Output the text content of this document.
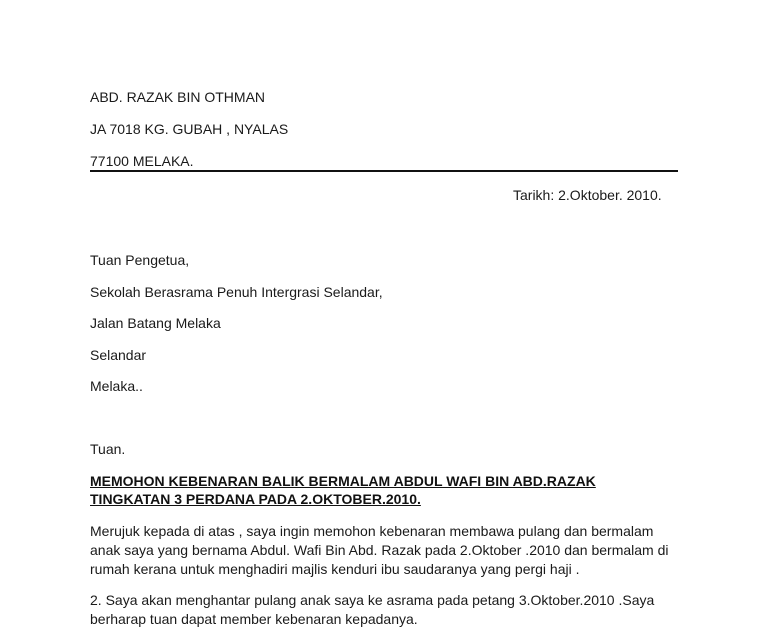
ABD. RAZAK BIN OTHMAN
JA 7018 KG. GUBAH , NYALAS
77100 MELAKA.
Tarikh: 2.Oktober. 2010.
Tuan Pengetua,
Sekolah Berasrama Penuh Intergrasi Selandar,
Jalan Batang Melaka
Selandar
Melaka..
Tuan.
MEMOHON KEBENARAN BALIK BERMALAM ABDUL WAFI BIN ABD.RAZAK
TINGKATAN 3 PERDANA PADA 2.OKTOBER.2010.
Merujuk kepada di atas , saya ingin memohon kebenaran membawa pulang dan bermalam
anak saya yang bernama Abdul. Wafi Bin Abd. Razak pada 2.Oktober .2010 dan bermalam di
rumah kerana untuk menghadiri majlis kenduri ibu saudaranya yang pergi haji .
2. Saya akan menghantar pulang anak saya ke asrama pada petang 3.Oktober.2010 .Saya
berharap tuan dapat member kebenaran kepadanya.
